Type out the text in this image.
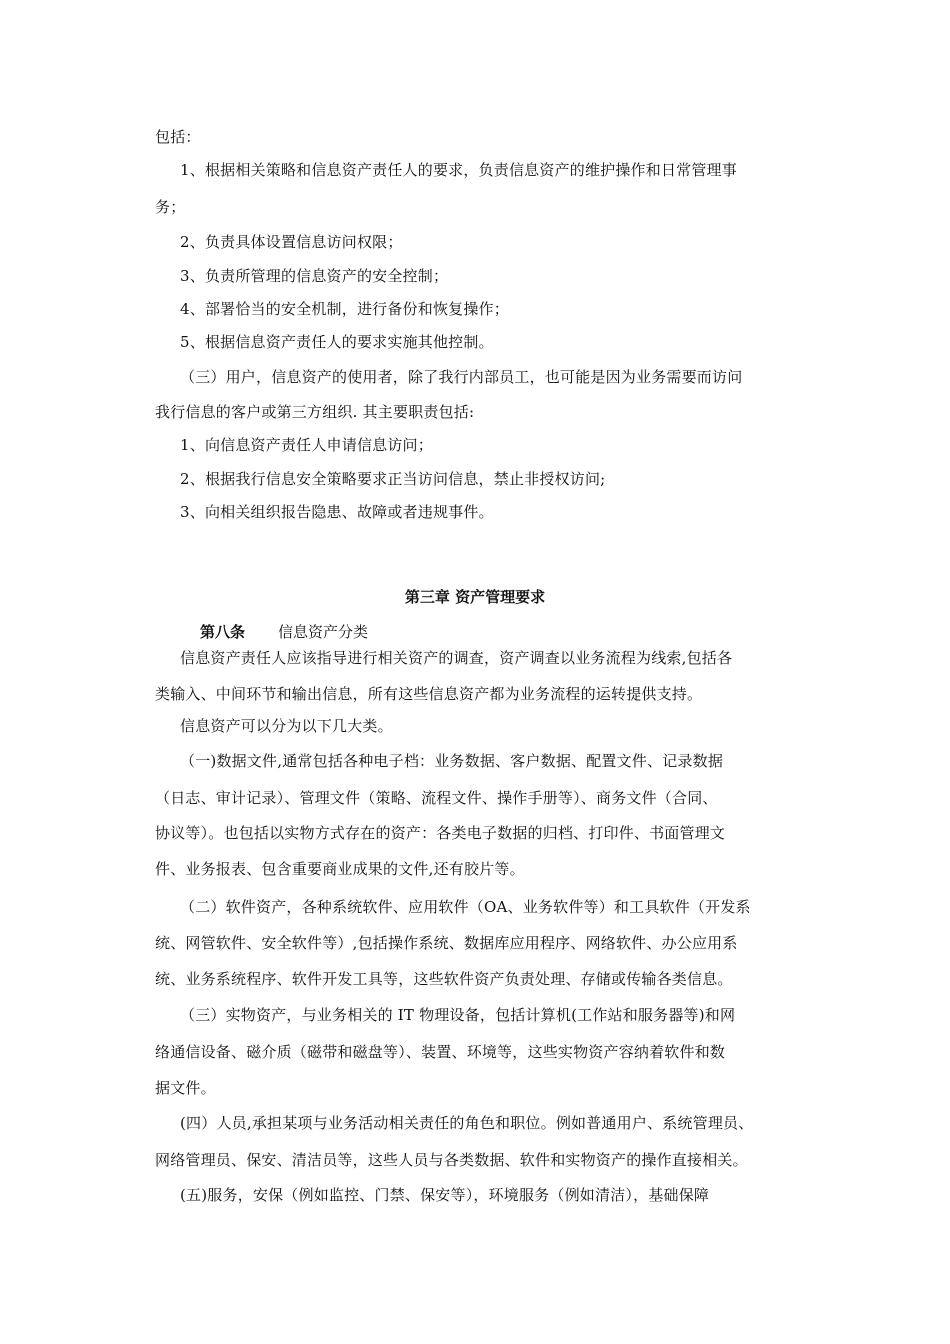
包括：
1、根据相关策略和信息资产责任人的要求，负责信息资产的维护操作和日常管理事
务；
2、负责具体设置信息访问权限；
3、负责所管理的信息资产的安全控制；
4、部署恰当的安全机制，进行备份和恢复操作；
5、根据信息资产责任人的要求实施其他控制。
（三）用户，信息资产的使用者，除了我行内部员工，也可能是因为业务需要而访问
我行信息的客户或第三方组织. 其主要职责包括:
1、向信息资产责任人申请信息访问；
2、根据我行信息安全策略要求正当访问信息，禁止非授权访问;
3、向相关组织报告隐患、故障或者违规事件。
第三章 资产管理要求
第八条 信息资产分类
信息资产责任人应该指导进行相关资产的调查，资产调查以业务流程为线索,包括各
类输入、中间环节和输出信息，所有这些信息资产都为业务流程的运转提供支持。
信息资产可以分为以下几大类。
（一)数据文件,通常包括各种电子档：业务数据、客户数据、配置文件、记录数据
（日志、审计记录）、管理文件（策略、流程文件、操作手册等）、商务文件（合同、
协议等）。也包括以实物方式存在的资产：各类电子数据的归档、打印件、书面管理文
件、业务报表、包含重要商业成果的文件,还有胶片等。
（二）软件资产，各种系统软件、应用软件（OA、业务软件等）和工具软件（开发系
统、网管软件、安全软件等）,包括操作系统、数据库应用程序、网络软件、办公应用系
统、业务系统程序、软件开发工具等，这些软件资产负责处理、存储或传输各类信息。
（三）实物资产，与业务相关的 IT 物理设备，包括计算机(工作站和服务器等)和网
络通信设备、磁介质（磁带和磁盘等）、装置、环境等，这些实物资产容纳着软件和数
据文件。
(四）人员,承担某项与业务活动相关责任的角色和职位。例如普通用户、系统管理员、
网络管理员、保安、清洁员等，这些人员与各类数据、软件和实物资产的操作直接相关。
(五)服务，安保（例如监控、门禁、保安等），环境服务（例如清洁），基础保障
